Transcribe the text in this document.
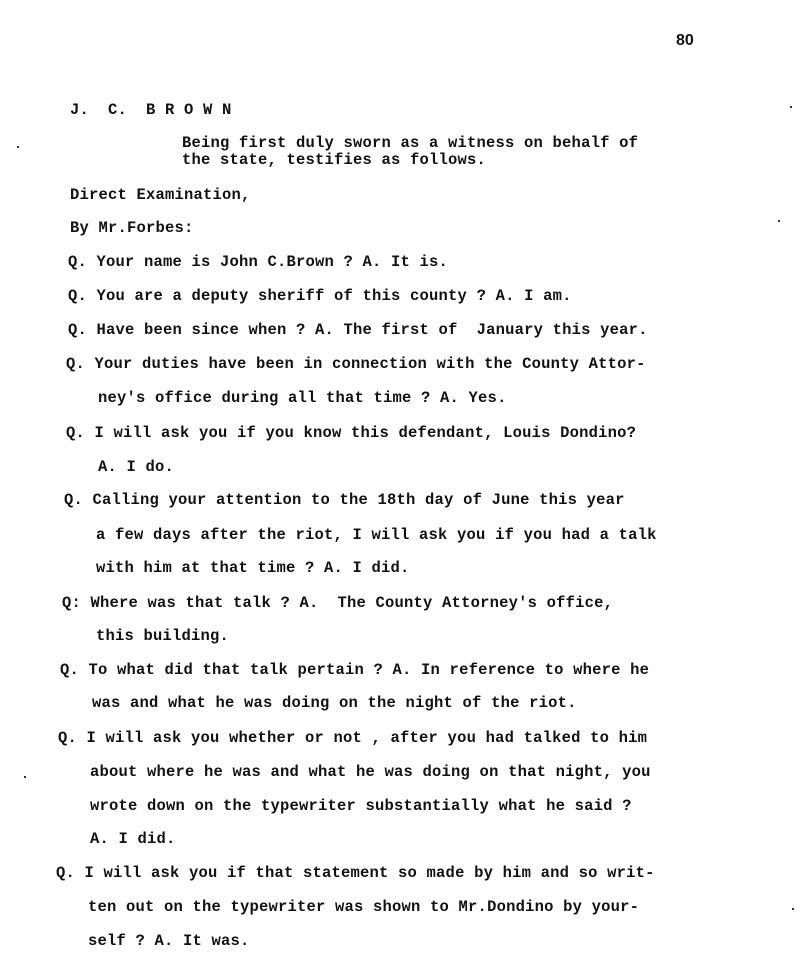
80
J.  C.  B R O W N
Being first duly sworn as a witness on behalf of
the state, testifies as follows.
Direct Examination,
By Mr.Forbes:
Q. Your name is John C.Brown ? A. It is.
Q. You are a deputy sheriff of this county ? A. I am.
Q. Have been since when ? A. The first of  January this year.
Q. Your duties have been in connection with the County Attor-
ney's office during all that time ? A. Yes.
Q. I will ask you if you know this defendant, Louis Dondino?
A. I do.
Q. Calling your attention to the 18th day of June this year
a few days after the riot, I will ask you if you had a talk
with him at that time ? A. I did.
Q: Where was that talk ? A.  The County Attorney's office,
this building.
Q. To what did that talk pertain ? A. In reference to where he
was and what he was doing on the night of the riot.
Q. I will ask you whether or not , after you had talked to him
about where he was and what he was doing on that night, you
wrote down on the typewriter substantially what he said ?
A. I did.
Q. I will ask you if that statement so made by him and so writ-
ten out on the typewriter was shown to Mr.Dondino by your-
self ? A. It was.
